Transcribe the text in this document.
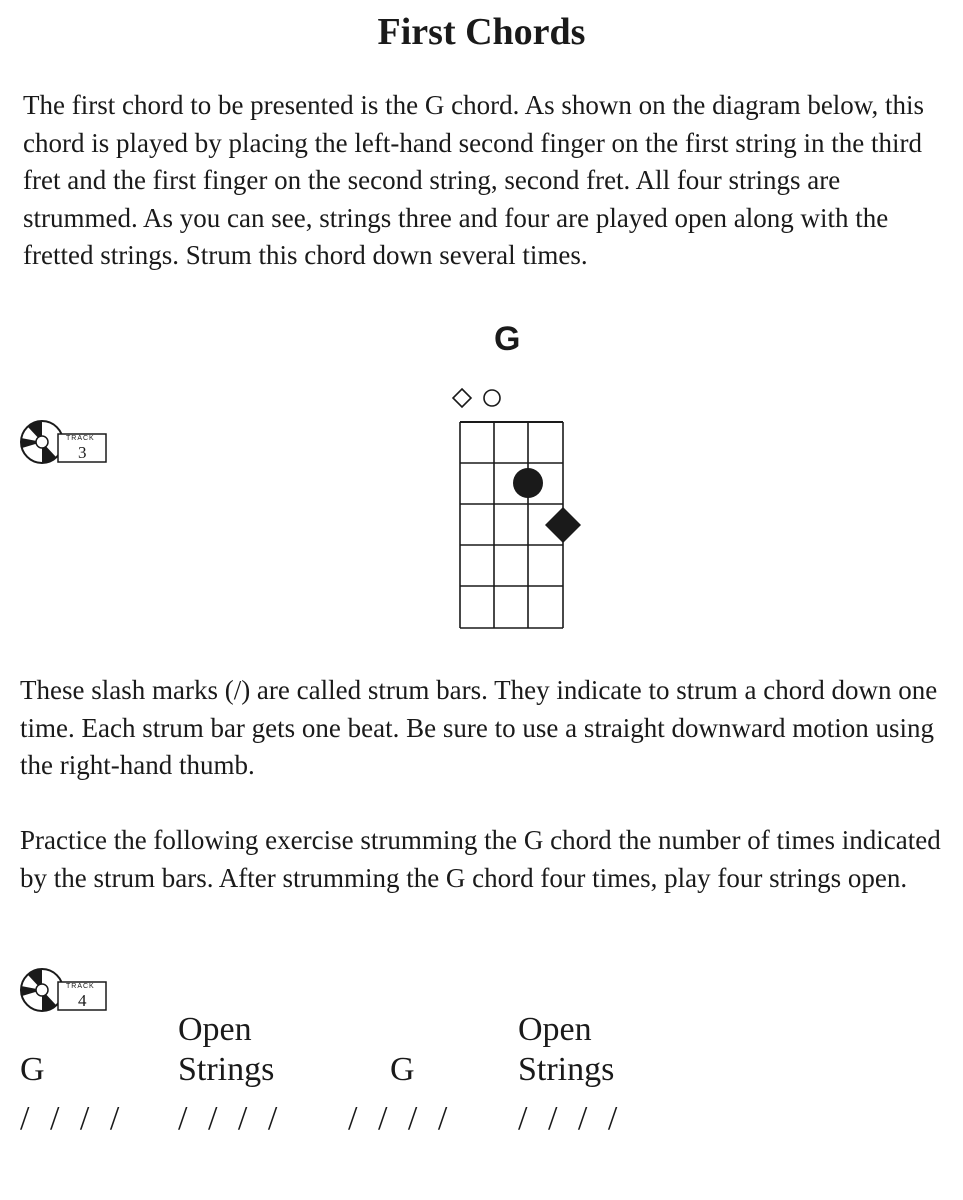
First Chords
The first chord to be presented is the G chord. As shown on the diagram below, this chord is played by placing the left-hand second finger on the first string in the third fret and the first finger on the second string, second fret. All four strings are strummed. As you can see, strings three and four are played open along with the fretted strings. Strum this chord down several times.
G
TRACK
3
These slash marks (/) are called strum bars. They indicate to strum a chord down one time. Each strum bar gets one beat. Be sure to use a straight downward motion using the right-hand thumb.
Practice the following exercise strumming the G chord the number of times indicated by the strum bars. After strumming the G chord four times, play four strings open.
TRACK
4
G
/ / / /
Open
Strings
/ / / /
G
/ / / /
Open
Strings
/ / / /
